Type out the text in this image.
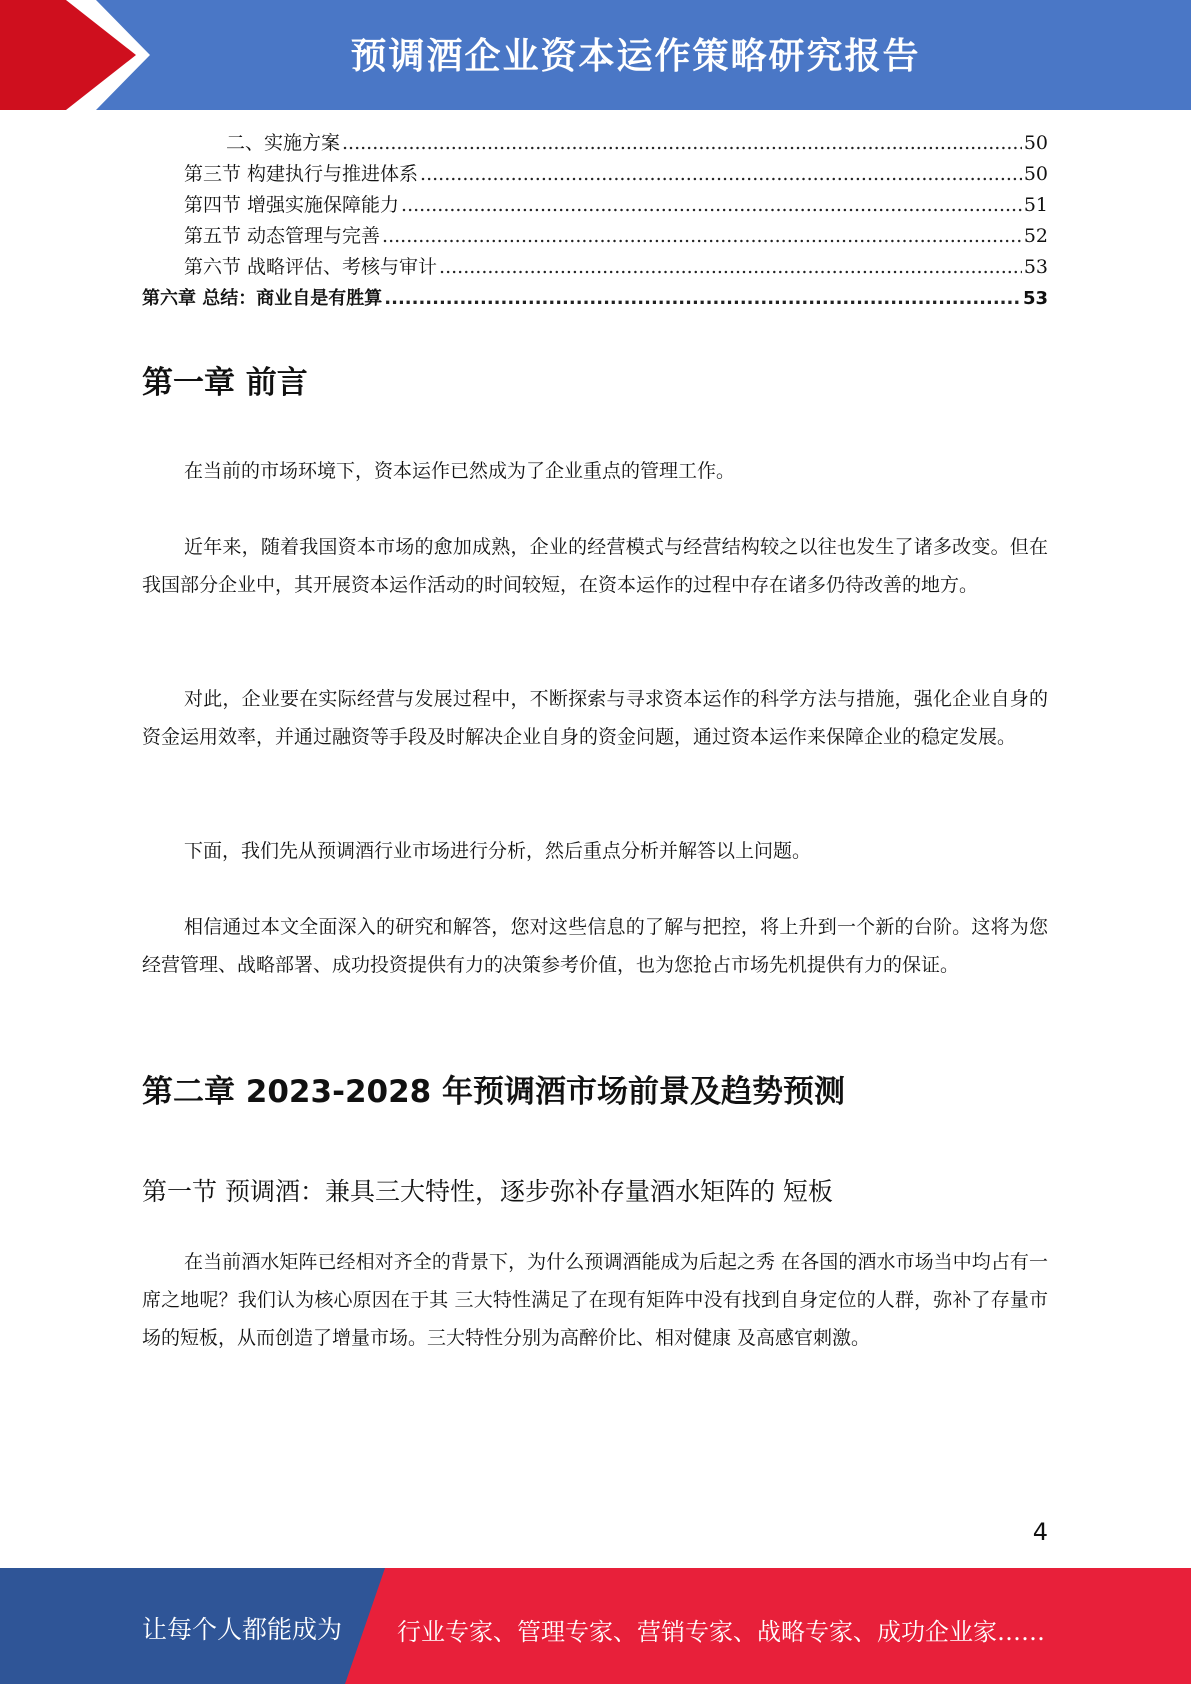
预调酒企业资本运作策略研究报告
二、实施方案 .....	50
第三节 构建执行与推进体系 .....	50
第四节 增强实施保障能力 .....	51
第五节 动态管理与完善 .....	52
第六节 战略评估、考核与审计 .....	53
第六章 总结：商业自是有胜算 .....	53
第一章 前言

在当前的市场环境下，资本运作已然成为了企业重点的管理工作。

近年来，随着我国资本市场的愈加成熟，企业的经营模式与经营结构较之以往也发生了诸多改变。但在我国部分企业中，其开展资本运作活动的时间较短，在资本运作的过程中存在诸多仍待改善的地方。

对此，企业要在实际经营与发展过程中，不断探索与寻求资本运作的科学方法与措施，强化企业自身的资金运用效率，并通过融资等手段及时解决企业自身的资金问题，通过资本运作来保障企业的稳定发展。

下面，我们先从预调酒行业市场进行分析，然后重点分析并解答以上问题。

相信通过本文全面深入的研究和解答，您对这些信息的了解与把控，将上升到一个新的台阶。这将为您经营管理、战略部署、成功投资提供有力的决策参考价值，也为您抢占市场先机提供有力的保证。

第二章 2023-2028 年预调酒市场前景及趋势预测
第一节 预调酒：兼具三大特性，逐步弥补存量酒水矩阵的 短板

在当前酒水矩阵已经相对齐全的背景下，为什么预调酒能成为后起之秀 在各国的酒水市场当中均占有一席之地呢？我们认为核心原因在于其 三大特性满足了在现有矩阵中没有找到自身定位的人群，弥补了存量市 场的短板，从而创造了增量市场。三大特性分别为高醉价比、相对健康 及高感官刺激。

4
让每个人都能成为 行业专家、管理专家、营销专家、战略专家、成功企业家……
